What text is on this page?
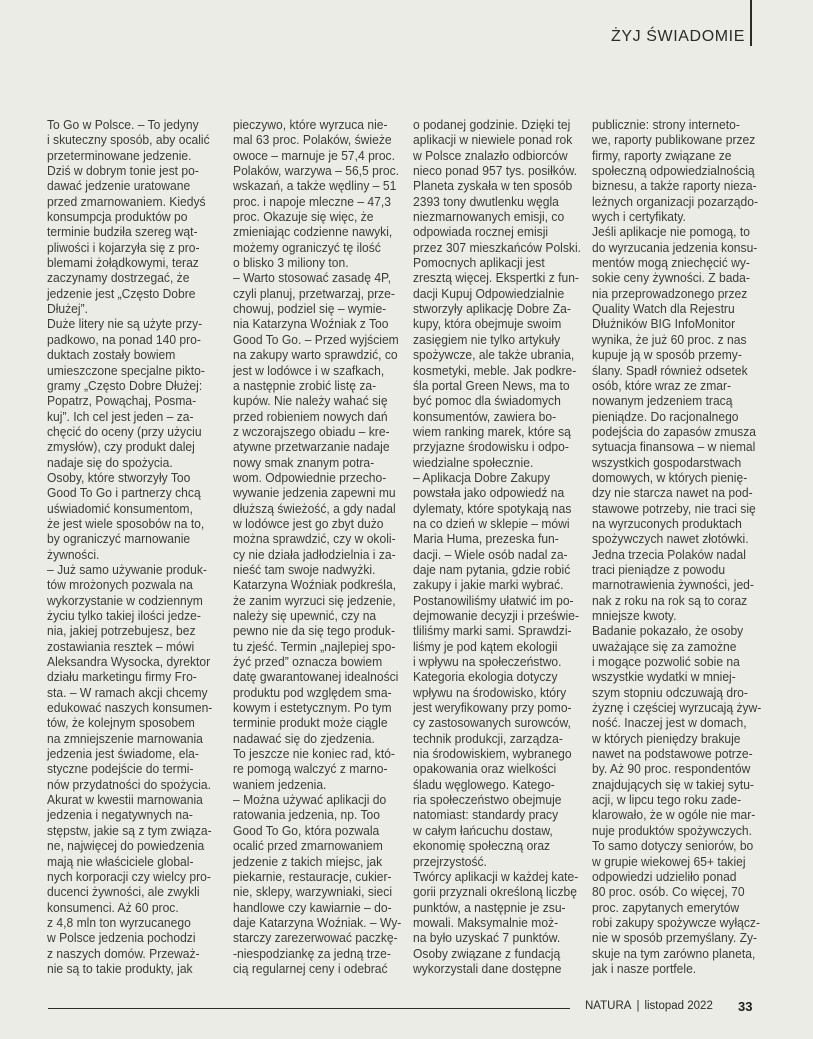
ŻYJ ŚWIADOMIE
To Go w Polsce. – To jedyny
i skuteczny sposób, aby ocalić
przeterminowane jedzenie.
Dziś w dobrym tonie jest po-
dawać jedzenie uratowane
przed zmarnowaniem. Kiedyś
konsumpcja produktów po
terminie budziła szereg wąt-
pliwości i kojarzyła się z pro-
blemami żołądkowymi, teraz
zaczynamy dostrzegać, że
jedzenie jest „Często Dobre
Dłużej”.
Duże litery nie są użyte przy-
padkowo, na ponad 140 pro-
duktach zostały bowiem
umieszczone specjalne pikto-
gramy „Często Dobre Dłużej:
Popatrz, Powąchaj, Posma-
kuj”. Ich cel jest jeden – za-
chęcić do oceny (przy użyciu
zmysłów), czy produkt dalej
nadaje się do spożycia.
Osoby, które stworzyły Too
Good To Go i partnerzy chcą
uświadomić konsumentom,
że jest wiele sposobów na to,
by ograniczyć marnowanie
żywności.
– Już samo używanie produk-
tów mrożonych pozwala na
wykorzystanie w codziennym
życiu tylko takiej ilości jedze-
nia, jakiej potrzebujesz, bez
zostawiania resztek – mówi
Aleksandra Wysocka, dyrektor
działu marketingu firmy Fro-
sta. – W ramach akcji chcemy
edukować naszych konsumen-
tów, że kolejnym sposobem
na zmniejszenie marnowania
jedzenia jest świadome, ela-
styczne podejście do termi-
nów przydatności do spożycia.
Akurat w kwestii marnowania
jedzenia i negatywnych na-
stępstw, jakie są z tym związa-
ne, najwięcej do powiedzenia
mają nie właściciele global-
nych korporacji czy wielcy pro-
ducenci żywności, ale zwykli
konsumenci. Aż 60 proc.
z 4,8 mln ton wyrzucanego
w Polsce jedzenia pochodzi
z naszych domów. Przeważ-
nie są to takie produkty, jak
pieczywo, które wyrzuca nie-
mal 63 proc. Polaków, świeże
owoce – marnuje je 57,4 proc.
Polaków, warzywa – 56,5 proc.
wskazań, a także wędliny – 51
proc. i napoje mleczne – 47,3
proc. Okazuje się więc, że
zmieniając codzienne nawyki,
możemy ograniczyć tę ilość
o blisko 3 miliony ton.
– Warto stosować zasadę 4P,
czyli planuj, przetwarzaj, prze-
chowuj, podziel się – wymie-
nia Katarzyna Woźniak z Too
Good To Go. – Przed wyjściem
na zakupy warto sprawdzić, co
jest w lodówce i w szafkach,
a następnie zrobić listę za-
kupów. Nie należy wahać się
przed robieniem nowych dań
z wczorajszego obiadu – kre-
atywne przetwarzanie nadaje
nowy smak znanym potra-
wom. Odpowiednie przecho-
wywanie jedzenia zapewni mu
dłuższą świeżość, a gdy nadal
w lodówce jest go zbyt dużo
można sprawdzić, czy w okoli-
cy nie działa jadłodzielnia i za-
nieść tam swoje nadwyżki.
Katarzyna Woźniak podkreśla,
że zanim wyrzuci się jedzenie,
należy się upewnić, czy na
pewno nie da się tego produk-
tu zjeść. Termin „najlepiej spo-
żyć przed” oznacza bowiem
datę gwarantowanej idealności
produktu pod względem sma-
kowym i estetycznym. Po tym
terminie produkt może ciągle
nadawać się do zjedzenia.
To jeszcze nie koniec rad, któ-
re pomogą walczyć z marno-
waniem jedzenia.
– Można używać aplikacji do
ratowania jedzenia, np. Too
Good To Go, która pozwala
ocalić przed zmarnowaniem
jedzenie z takich miejsc, jak
piekarnie, restauracje, cukier-
nie, sklepy, warzywniaki, sieci
handlowe czy kawiarnie – do-
daje Katarzyna Woźniak. – Wy-
starczy zarezerwować paczkę-
-niespodziankę za jedną trze-
cią regularnej ceny i odebrać
o podanej godzinie. Dzięki tej
aplikacji w niewiele ponad rok
w Polsce znalazło odbiorców
nieco ponad 957 tys. posiłków.
Planeta zyskała w ten sposób
2393 tony dwutlenku węgla
niezmarnowanych emisji, co
odpowiada rocznej emisji
przez 307 mieszkańców Polski.
Pomocnych aplikacji jest
zresztą więcej. Ekspertki z fun-
dacji Kupuj Odpowiedzialnie
stworzyły aplikację Dobre Za-
kupy, która obejmuje swoim
zasięgiem nie tylko artykuły
spożywcze, ale także ubrania,
kosmetyki, meble. Jak podkre-
śla portal Green News, ma to
być pomoc dla świadomych
konsumentów, zawiera bo-
wiem ranking marek, które są
przyjazne środowisku i odpo-
wiedzialne społecznie.
– Aplikacja Dobre Zakupy
powstała jako odpowiedź na
dylematy, które spotykają nas
na co dzień w sklepie – mówi
Maria Huma, prezeska fun-
dacji. – Wiele osób nadal za-
daje nam pytania, gdzie robić
zakupy i jakie marki wybrać.
Postanowiliśmy ułatwić im po-
dejmowanie decyzji i prześwie-
tliliśmy marki sami. Sprawdzi-
liśmy je pod kątem ekologii
i wpływu na społeczeństwo.
Kategoria ekologia dotyczy
wpływu na środowisko, który
jest weryfikowany przy pomo-
cy zastosowanych surowców,
technik produkcji, zarządza-
nia środowiskiem, wybranego
opakowania oraz wielkości
śladu węglowego. Katego-
ria społeczeństwo obejmuje
natomiast: standardy pracy
w całym łańcuchu dostaw,
ekonomię społeczną oraz
przejrzystość.
Twórcy aplikacji w każdej kate-
gorii przyznali określoną liczbę
punktów, a następnie je zsu-
mowali. Maksymalnie moż-
na było uzyskać 7 punktów.
Osoby związane z fundacją
wykorzystali dane dostępne
publicznie: strony interneto-
we, raporty publikowane przez
firmy, raporty związane ze
społeczną odpowiedzialnością
biznesu, a także raporty nieza-
leżnych organizacji pozarządo-
wych i certyfikaty.
Jeśli aplikacje nie pomogą, to
do wyrzucania jedzenia konsu-
mentów mogą zniechęcić wy-
sokie ceny żywności. Z bada-
nia przeprowadzonego przez
Quality Watch dla Rejestru
Dłużników BIG InfoMonitor
wynika, że już 60 proc. z nas
kupuje ją w sposób przemy-
ślany. Spadł również odsetek
osób, które wraz ze zmar-
nowanym jedzeniem tracą
pieniądze. Do racjonalnego
podejścia do zapasów zmusza
sytuacja finansowa – w niemal
wszystkich gospodarstwach
domowych, w których pienię-
dzy nie starcza nawet na pod-
stawowe potrzeby, nie traci się
na wyrzuconych produktach
spożywczych nawet złotówki.
Jedna trzecia Polaków nadal
traci pieniądze z powodu
marnotrawienia żywności, jed-
nak z roku na rok są to coraz
mniejsze kwoty.
Badanie pokazało, że osoby
uważające się za zamożne
i mogące pozwolić sobie na
wszystkie wydatki w mniej-
szym stopniu odczuwają dro-
żyznę i częściej wyrzucają żyw-
ność. Inaczej jest w domach,
w których pieniędzy brakuje
nawet na podstawowe potrze-
by. Aż 90 proc. respondentów
znajdujących się w takiej sytu-
acji, w lipcu tego roku zade-
klarowało, że w ogóle nie mar-
nuje produktów spożywczych.
To samo dotyczy seniorów, bo
w grupie wiekowej 65+ takiej
odpowiedzi udzieliło ponad
80 proc. osób. Co więcej, 70
proc. zapytanych emerytów
robi zakupy spożywcze wyłącz-
nie w sposób przemyślany. Zy-
skuje na tym zarówno planeta,
jak i nasze portfele.
NATURA | listopad 2022 33
